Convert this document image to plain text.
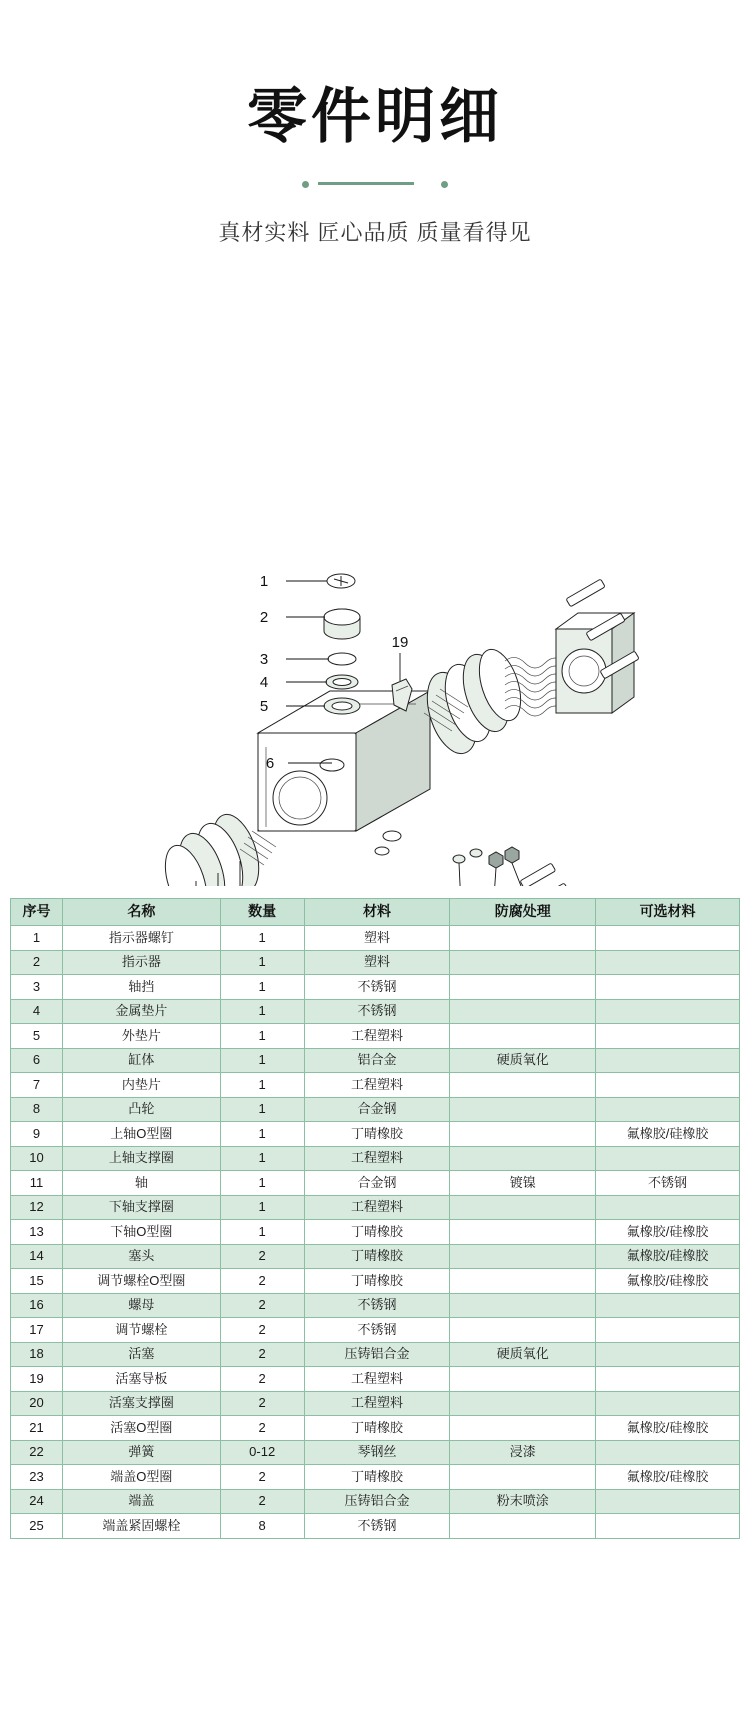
零件明细
真材实料 匠心品质 质量看得见
1
2
3
4
5
6
19
序号	名称	数量	材料	防腐处理	可选材料
1	指示器螺钉	1	塑料		
2	指示器	1	塑料		
3	轴挡	1	不锈钢		
4	金属垫片	1	不锈钢		
5	外垫片	1	工程塑料		
6	缸体	1	铝合金	硬质氧化	
7	内垫片	1	工程塑料		
8	凸轮	1	合金钢		
9	上轴O型圈	1	丁晴橡胶		氟橡胶/硅橡胶
10	上轴支撑圈	1	工程塑料		
11	轴	1	合金钢	镀镍	不锈钢
12	下轴支撑圈	1	工程塑料		
13	下轴O型圈	1	丁晴橡胶		氟橡胶/硅橡胶
14	塞头	2	丁晴橡胶		氟橡胶/硅橡胶
15	调节螺栓O型圈	2	丁晴橡胶		氟橡胶/硅橡胶
16	螺母	2	不锈钢		
17	调节螺栓	2	不锈钢		
18	活塞	2	压铸铝合金	硬质氧化	
19	活塞导板	2	工程塑料		
20	活塞支撑圈	2	工程塑料		
21	活塞O型圈	2	丁晴橡胶		氟橡胶/硅橡胶
22	弹簧	0-12	琴钢丝	浸漆	
23	端盖O型圈	2	丁晴橡胶		氟橡胶/硅橡胶
24	端盖	2	压铸铝合金	粉末喷涂	
25	端盖紧固螺栓	8	不锈钢		
